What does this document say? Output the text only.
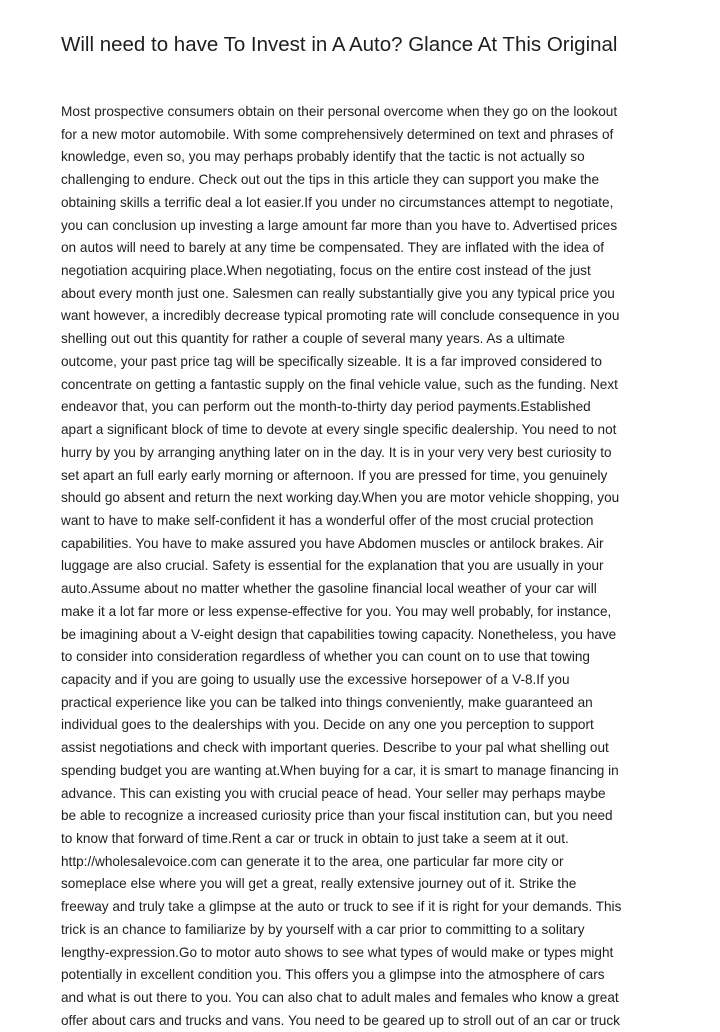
Will need to have To Invest in A Auto? Glance At This Original
Most prospective consumers obtain on their personal overcome when they go on the lookout
for a new motor automobile. With some comprehensively determined on text and phrases of
knowledge, even so, you may perhaps probably identify that the tactic is not actually so
challenging to endure. Check out out the tips in this article they can support you make the
obtaining skills a terrific deal a lot easier.If you under no circumstances attempt to negotiate,
you can conclusion up investing a large amount far more than you have to. Advertised prices
on autos will need to barely at any time be compensated. They are inflated with the idea of
negotiation acquiring place.When negotiating, focus on the entire cost instead of the just
about every month just one. Salesmen can really substantially give you any typical price you
want however, a incredibly decrease typical promoting rate will conclude consequence in you
shelling out out this quantity for rather a couple of several many years. As a ultimate
outcome, your past price tag will be specifically sizeable. It is a far improved considered to
concentrate on getting a fantastic supply on the final vehicle value, such as the funding. Next
endeavor that, you can perform out the month-to-thirty day period payments.Established
apart a significant block of time to devote at every single specific dealership. You need to not
hurry by you by arranging anything later on in the day. It is in your very very best curiosity to
set apart an full early early morning or afternoon. If you are pressed for time, you genuinely
should go absent and return the next working day.When you are motor vehicle shopping, you
want to have to make self-confident it has a wonderful offer of the most crucial protection
capabilities. You have to make assured you have Abdomen muscles or antilock brakes. Air
luggage are also crucial. Safety is essential for the explanation that you are usually in your
auto.Assume about no matter whether the gasoline financial local weather of your car will
make it a lot far more or less expense-effective for you. You may well probably, for instance,
be imagining about a V-eight design that capabilities towing capacity. Nonetheless, you have
to consider into consideration regardless of whether you can count on to use that towing
capacity and if you are going to usually use the excessive horsepower of a V-8.If you
practical experience like you can be talked into things conveniently, make guaranteed an
individual goes to the dealerships with you. Decide on any one you perception to support
assist negotiations and check with important queries. Describe to your pal what shelling out
spending budget you are wanting at.When buying for a car, it is smart to manage financing in
advance. This can existing you with crucial peace of head. Your seller may perhaps maybe
be able to recognize a increased curiosity price than your fiscal institution can, but you need
to know that forward of time.Rent a car or truck in obtain to just take a seem at it out.
http://wholesalevoice.com can generate it to the area, one particular far more city or
someplace else where you will get a great, really extensive journey out of it. Strike the
freeway and truly take a glimpse at the auto or truck to see if it is right for your demands. This
trick is an chance to familiarize by by yourself with a car prior to committing to a solitary
lengthy-expression.Go to motor auto shows to see what types of would make or types might
potentially in excellent condition you. This offers you a glimpse into the atmosphere of cars
and what is out there to you. You can also chat to adult males and females who know a great
offer about cars and trucks and vans. You need to be geared up to stroll out of an car or truck
